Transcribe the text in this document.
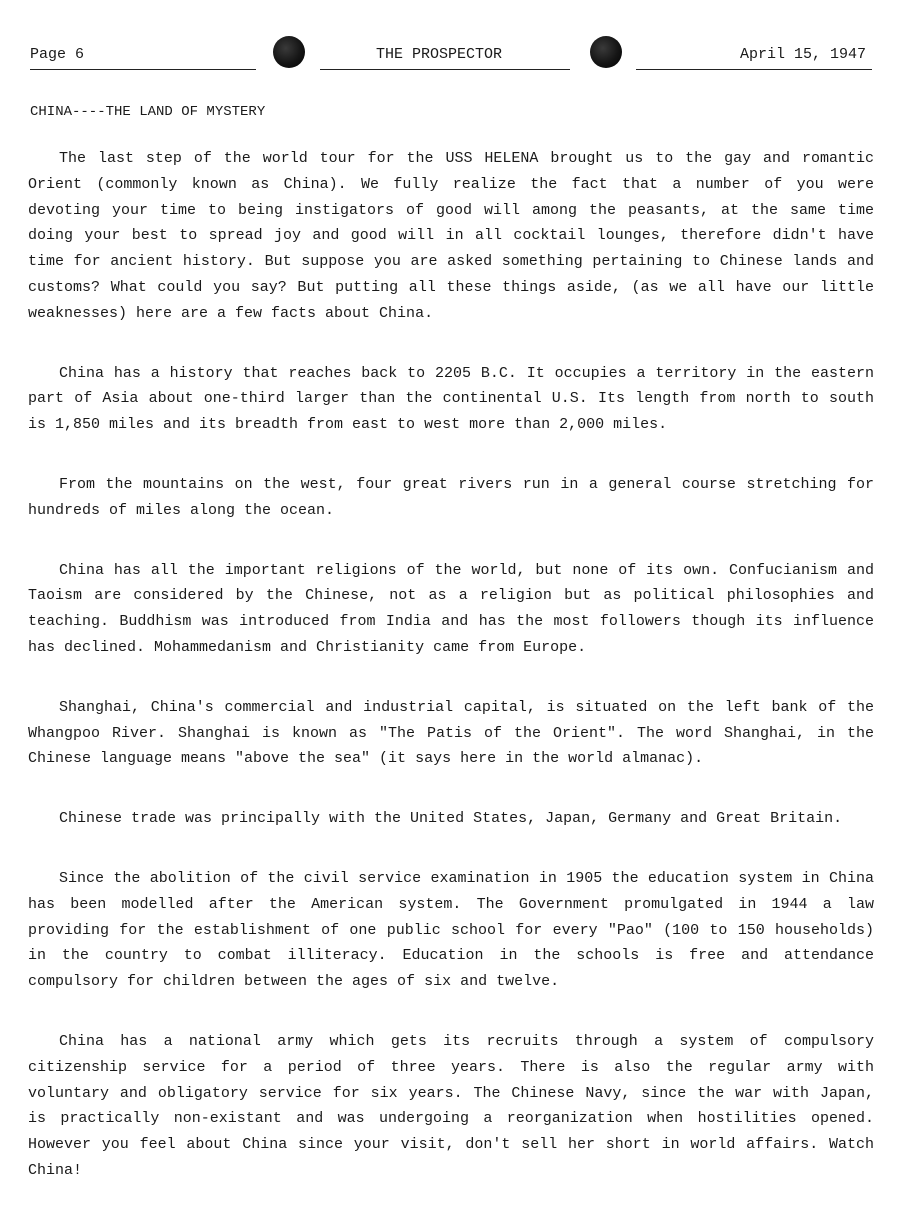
Page 6	THE PROSPECTOR	April 15, 1947
CHINA----THE LAND OF MYSTERY

The last step of the world tour for the USS HELENA brought us to the gay and romantic Orient (commonly known as China). We fully realize the fact that a number of you were devoting your time to being instigators of good will among the peasants, at the same time doing your best to spread joy and good will in all cocktail lounges, therefore didn't have time for ancient history. But suppose you are asked something pertaining to Chinese lands and customs? What could you say? But putting all these things aside, (as we all have our little weaknesses) here are a few facts about China.

China has a history that reaches back to 2205 B.C. It occupies a territory in the eastern part of Asia about one-third larger than the continental U.S. Its length from north to south is 1,850 miles and its breadth from east to west more than 2,000 miles.

From the mountains on the west, four great rivers run in a general course stretching for hundreds of miles along the ocean.

China has all the important religions of the world, but none of its own. Confucianism and Taoism are considered by the Chinese, not as a religion but as political philosophies and teaching. Buddhism was introduced from India and has the most followers though its influence has declined. Mohammedanism and Christianity came from Europe.

Shanghai, China's commercial and industrial capital, is situated on the left bank of the Whangpoo River. Shanghai is known as "The Patis of the Orient". The word Shanghai, in the Chinese language means "above the sea" (it says here in the world almanac).

Chinese trade was principally with the United States, Japan, Germany and Great Britain.

Since the abolition of the civil service examination in 1905 the education system in China has been modelled after the American system. The Government promulgated in 1944 a law providing for the establishment of one public school for every "Pao" (100 to 150 households) in the country to combat illiteracy. Education in the schools is free and attendance compulsory for children between the ages of six and twelve.

China has a national army which gets its recruits through a system of compulsory citizenship service for a period of three years. There is also the regular army with voluntary and obligatory service for six years. The Chinese Navy, since the war with Japan, is practically non-existant and was undergoing a reorganization when hostilities opened. However you feel about China since your visit, don't sell her short in world affairs. Watch China!
